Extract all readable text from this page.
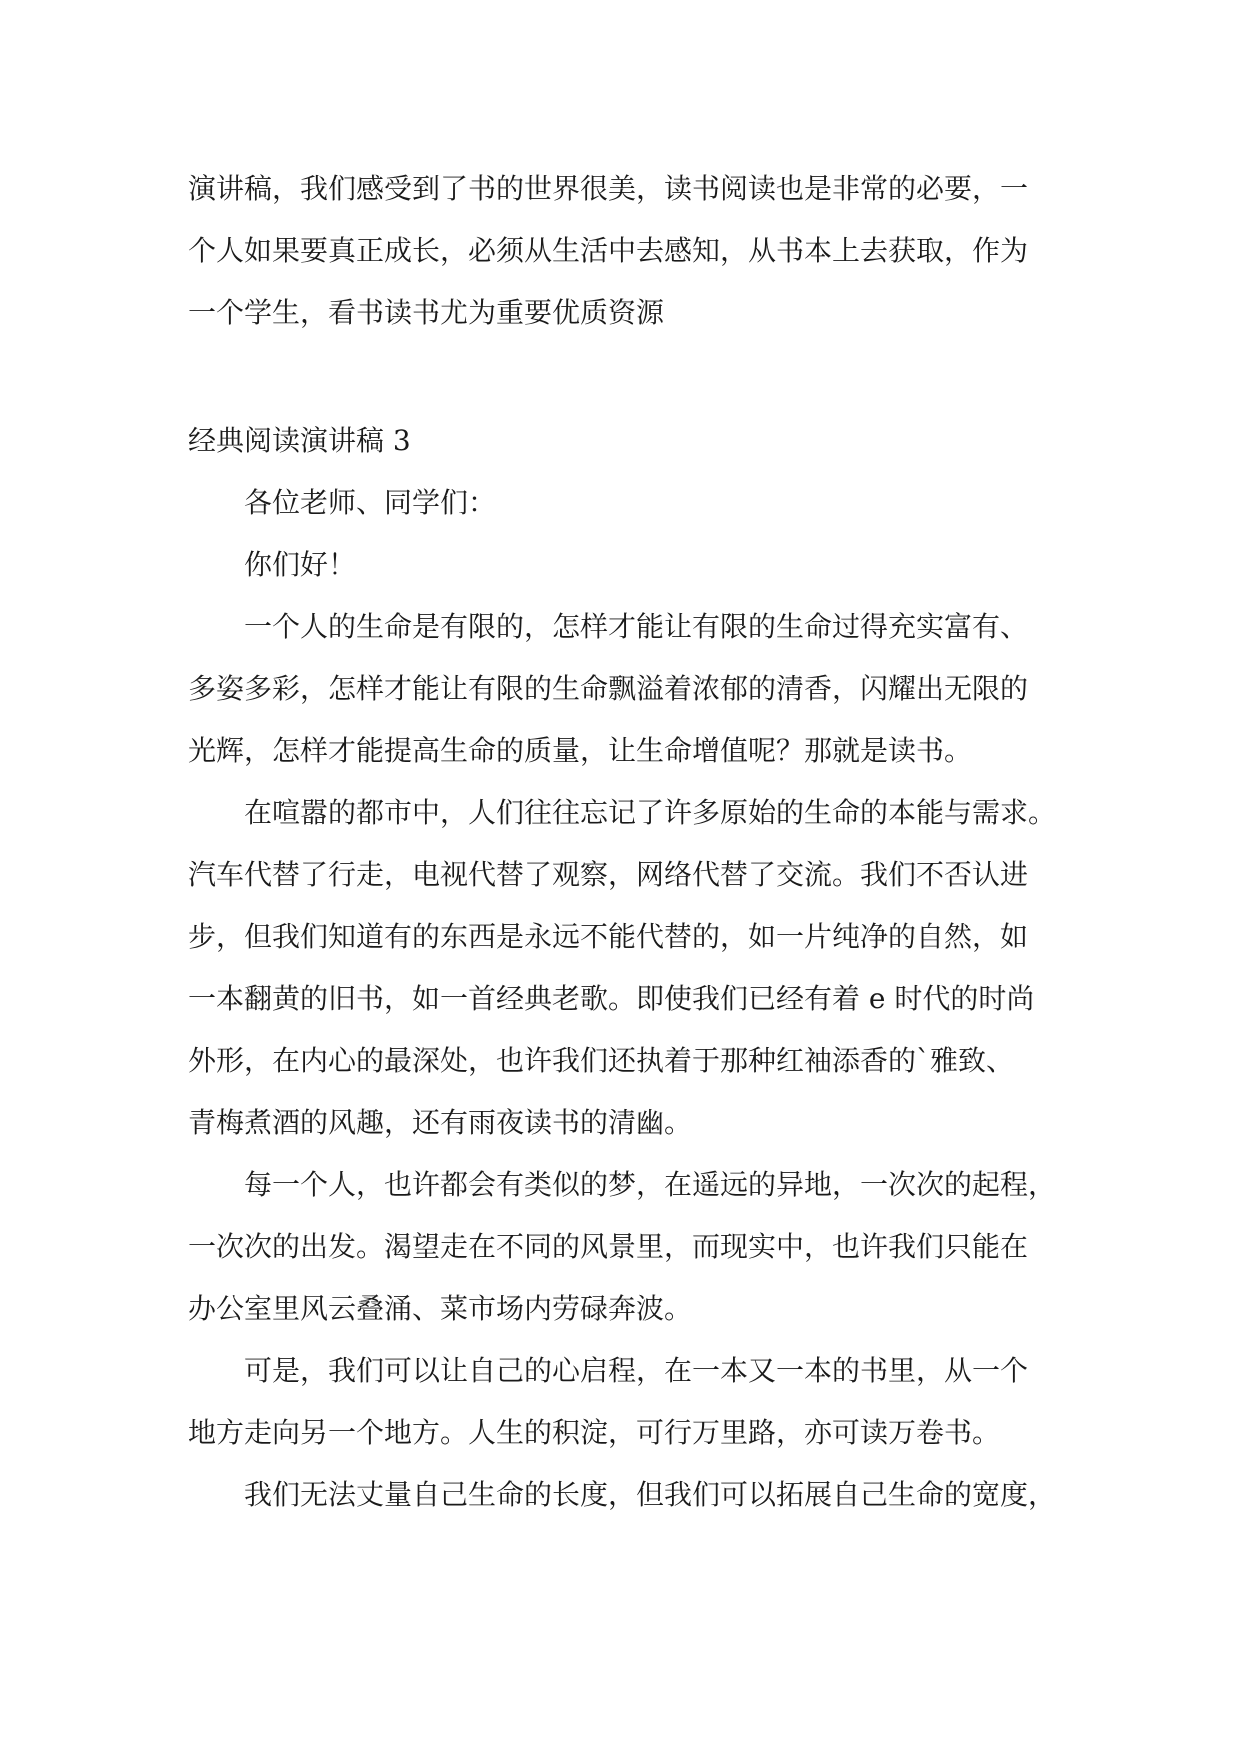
演讲稿，我们感受到了书的世界很美，读书阅读也是非常的必要，一
个人如果要真正成长，必须从生活中去感知，从书本上去获取，作为
一个学生，看书读书尤为重要优质资源

经典阅读演讲稿 3

各位老师、同学们：

你们好！

一个人的生命是有限的，怎样才能让有限的生命过得充实富有、
多姿多彩，怎样才能让有限的生命飘溢着浓郁的清香，闪耀出无限的
光辉，怎样才能提高生命的质量，让生命增值呢？那就是读书。

在喧嚣的都市中，人们往往忘记了许多原始的生命的本能与需求。
汽车代替了行走，电视代替了观察，网络代替了交流。我们不否认进
步，但我们知道有的东西是永远不能代替的，如一片纯净的自然，如
一本翻黄的旧书，如一首经典老歌。即使我们已经有着 e 时代的时尚
外形，在内心的最深处，也许我们还执着于那种红袖添香的`雅致、
青梅煮酒的风趣，还有雨夜读书的清幽。

每一个人，也许都会有类似的梦，在遥远的异地，一次次的起程，
一次次的出发。渴望走在不同的风景里，而现实中，也许我们只能在
办公室里风云叠涌、菜市场内劳碌奔波。

可是，我们可以让自己的心启程，在一本又一本的书里，从一个
地方走向另一个地方。人生的积淀，可行万里路，亦可读万卷书。

我们无法丈量自己生命的长度，但我们可以拓展自己生命的宽度，
